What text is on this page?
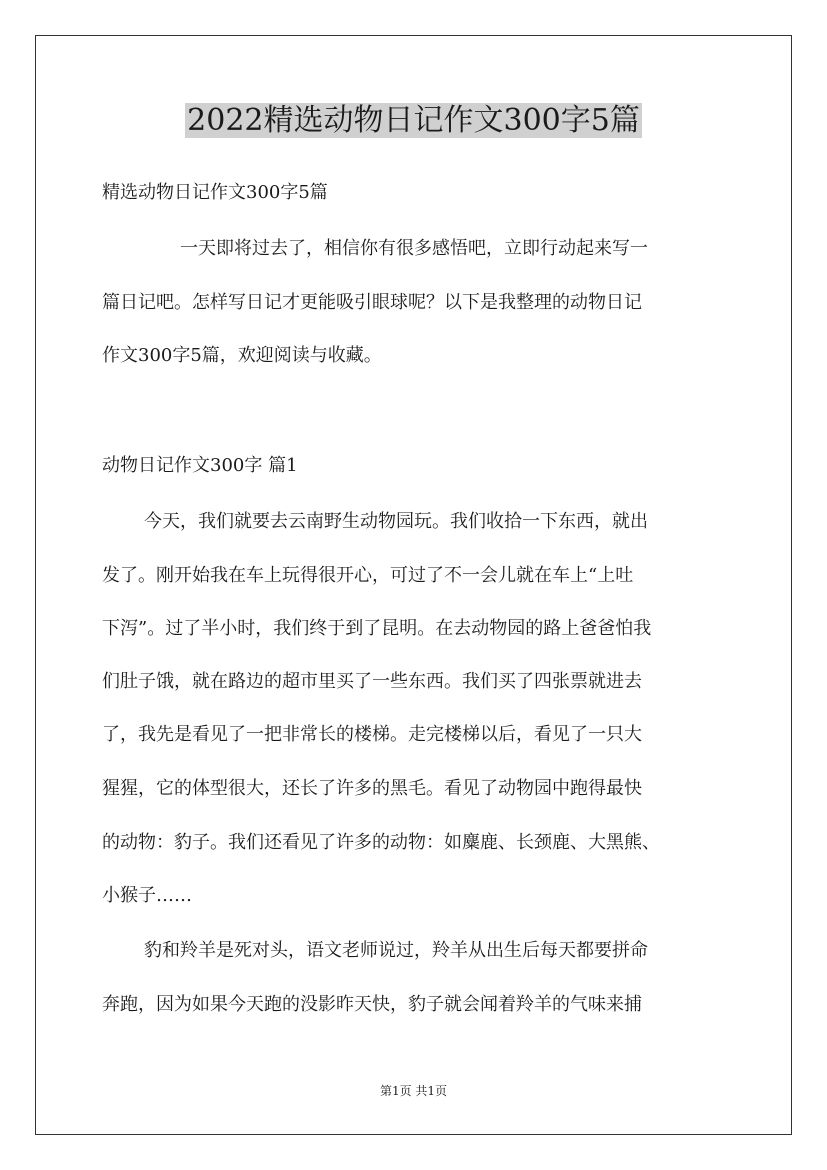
2022精选动物日记作文300字5篇
精选动物日记作文300字5篇
一天即将过去了，相信你有很多感悟吧，立即行动起来写一
篇日记吧。怎样写日记才更能吸引眼球呢？以下是我整理的动物日记
作文300字5篇，欢迎阅读与收藏。
动物日记作文300字 篇1
今天，我们就要去云南野生动物园玩。我们收拾一下东西，就出
发了。刚开始我在车上玩得很开心，可过了不一会儿就在车上“上吐
下泻”。过了半小时，我们终于到了昆明。在去动物园的路上爸爸怕我
们肚子饿，就在路边的超市里买了一些东西。我们买了四张票就进去
了，我先是看见了一把非常长的楼梯。走完楼梯以后，看见了一只大
猩猩，它的体型很大，还长了许多的黑毛。看见了动物园中跑得最快
的动物：豹子。我们还看见了许多的动物：如麋鹿、长颈鹿、大黑熊、
小猴子……
豹和羚羊是死对头，语文老师说过，羚羊从出生后每天都要拼命
奔跑，因为如果今天跑的没影昨天快，豹子就会闻着羚羊的气味来捕
第1页 共1页
